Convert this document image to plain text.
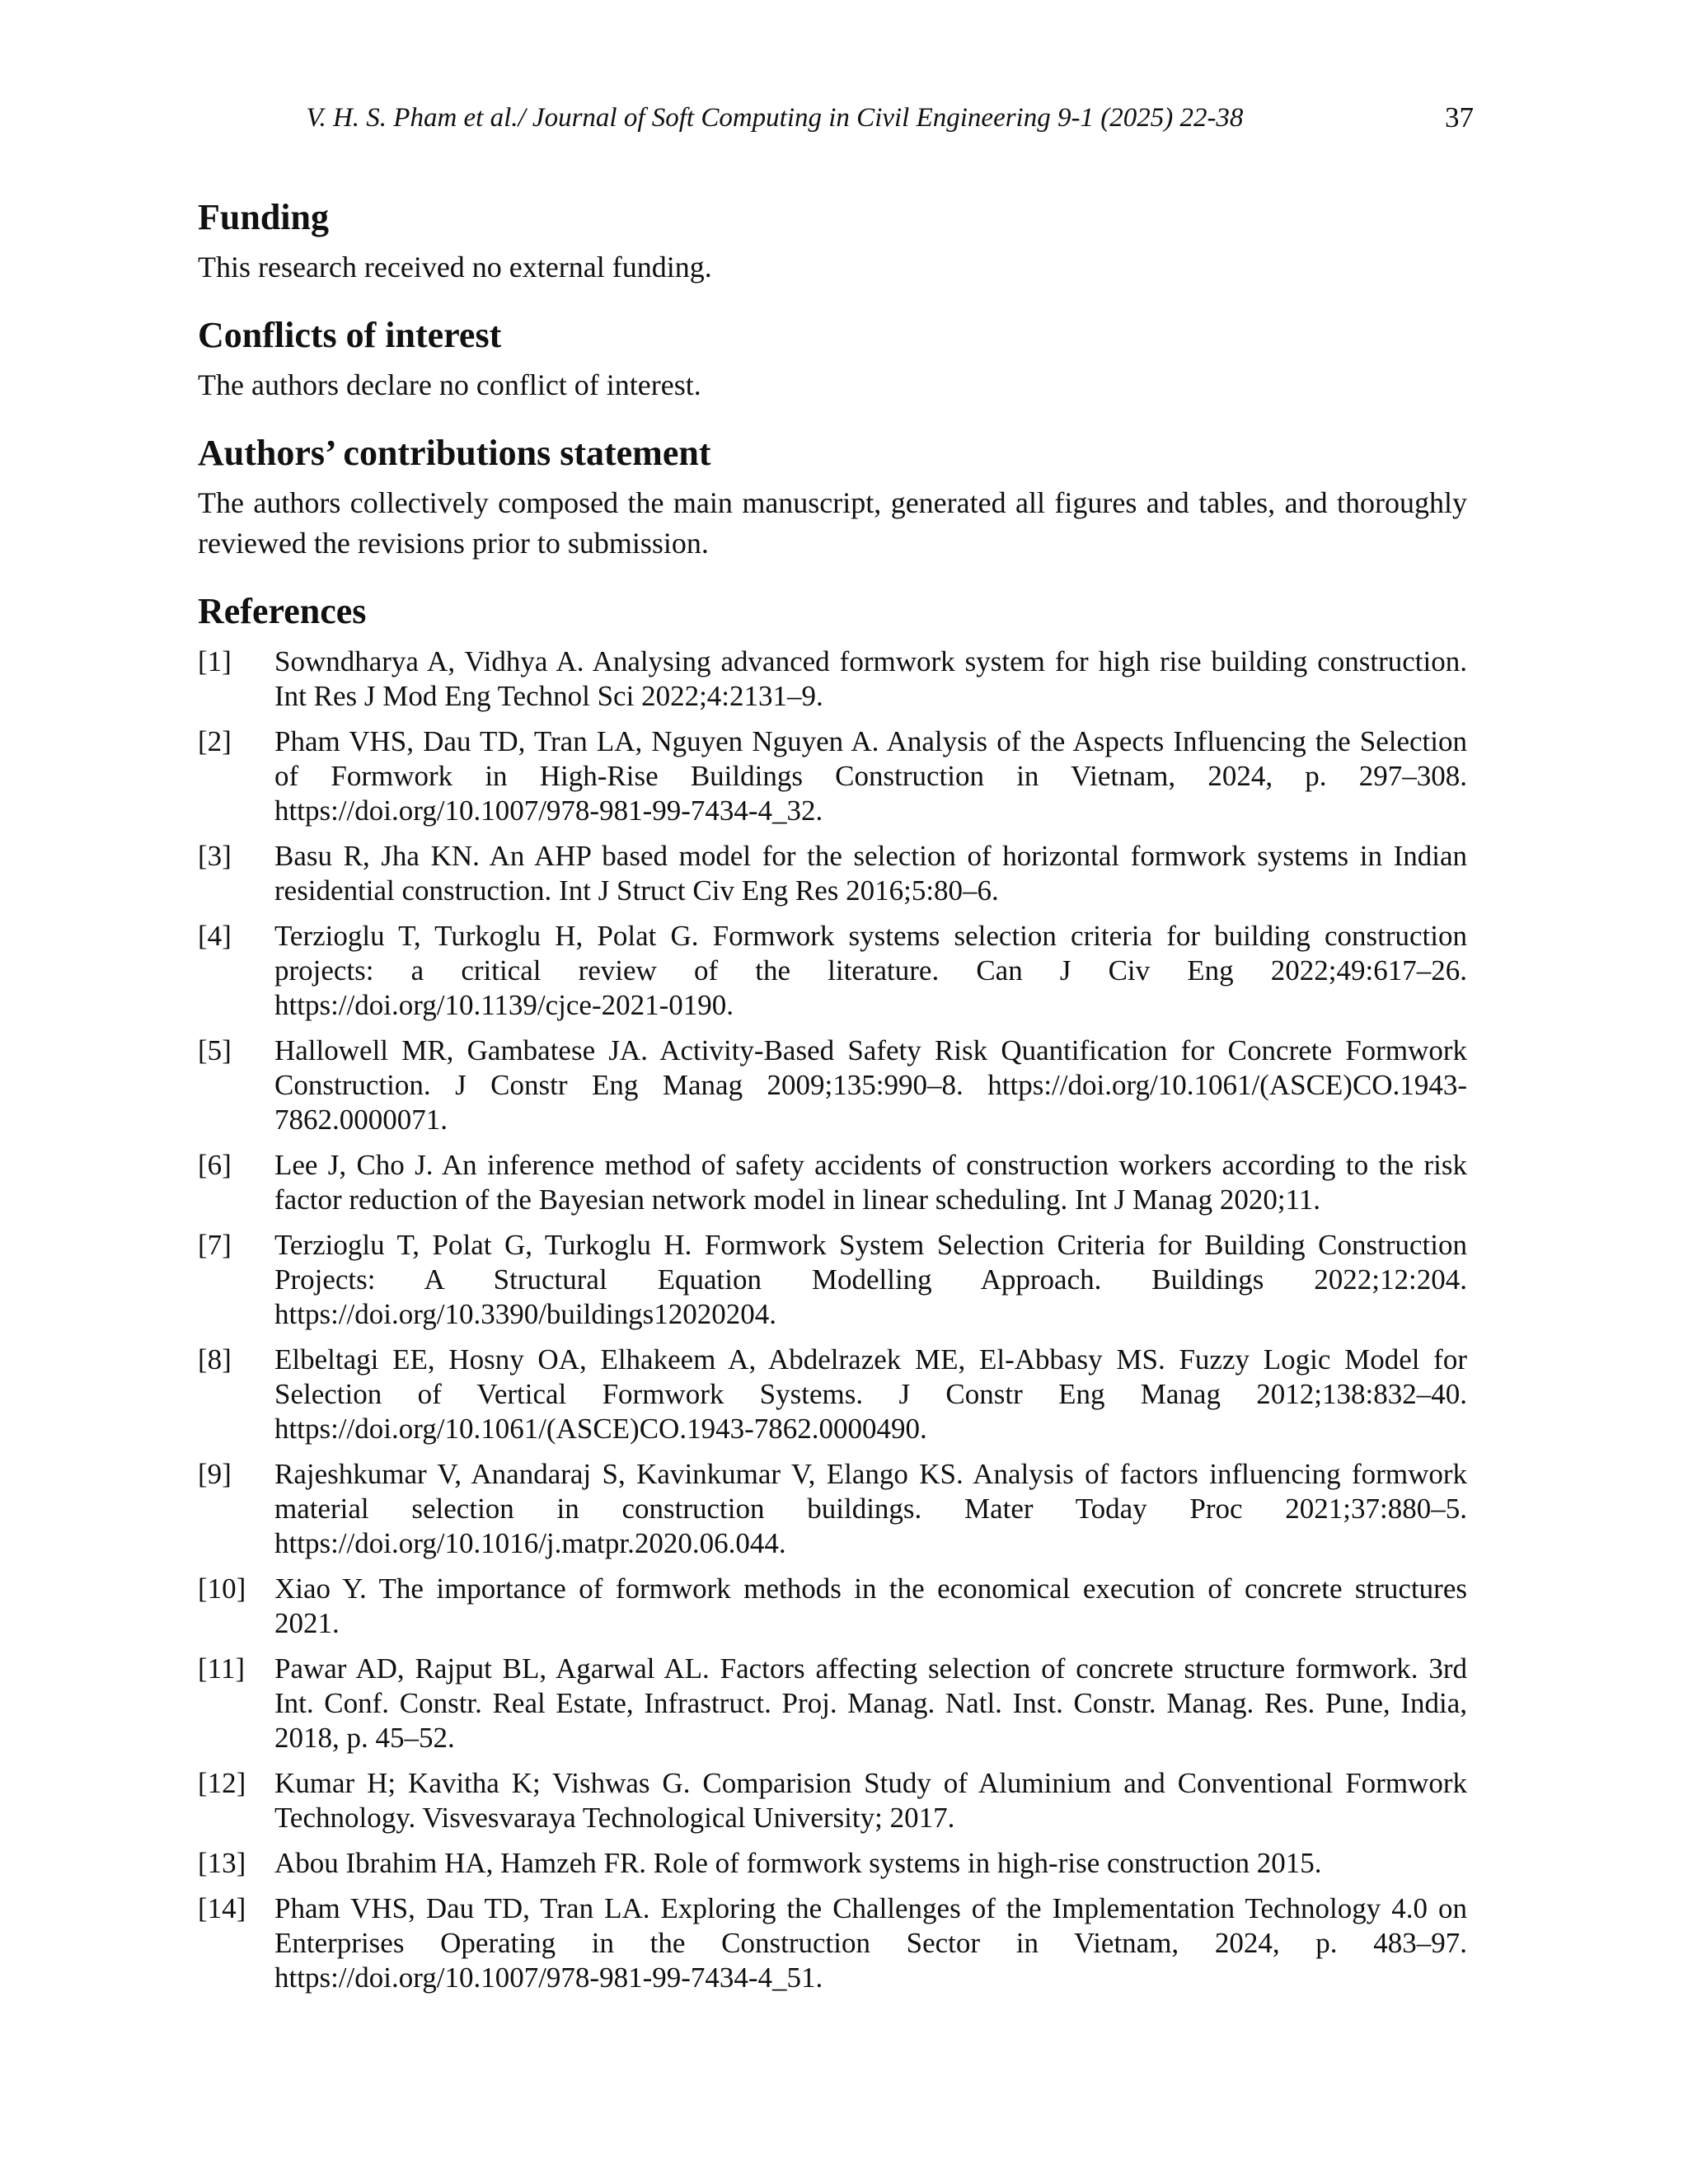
V. H. S. Pham et al./ Journal of Soft Computing in Civil Engineering 9-1 (2025) 22-38	37
Funding

This research received no external funding.

Conflicts of interest

The authors declare no conflict of interest.

Authors’ contributions statement

The authors collectively composed the main manuscript, generated all figures and tables, and thoroughly reviewed the revisions prior to submission.

References
[1]	Sowndharya A, Vidhya A. Analysing advanced formwork system for high rise building construction. Int Res J Mod Eng Technol Sci 2022;4:2131–9.
[2]	Pham VHS, Dau TD, Tran LA, Nguyen Nguyen A. Analysis of the Aspects Influencing the Selection of Formwork in High-Rise Buildings Construction in Vietnam, 2024, p. 297–308. https://doi.org/10.1007/978-981-99-7434-4_32.
[3]	Basu R, Jha KN. An AHP based model for the selection of horizontal formwork systems in Indian residential construction. Int J Struct Civ Eng Res 2016;5:80–6.
[4]	Terzioglu T, Turkoglu H, Polat G. Formwork systems selection criteria for building construction projects: a critical review of the literature. Can J Civ Eng 2022;49:617–26. https://doi.org/10.1139/cjce-2021-0190.
[5]	Hallowell MR, Gambatese JA. Activity-Based Safety Risk Quantification for Concrete Formwork Construction. J Constr Eng Manag 2009;135:990–8. https://doi.org/10.1061/(ASCE)CO.1943-7862.0000071.
[6]	Lee J, Cho J. An inference method of safety accidents of construction workers according to the risk factor reduction of the Bayesian network model in linear scheduling. Int J Manag 2020;11.
[7]	Terzioglu T, Polat G, Turkoglu H. Formwork System Selection Criteria for Building Construction Projects: A Structural Equation Modelling Approach. Buildings 2022;12:204. https://doi.org/10.3390/buildings12020204.
[8]	Elbeltagi EE, Hosny OA, Elhakeem A, Abdelrazek ME, El-Abbasy MS. Fuzzy Logic Model for Selection of Vertical Formwork Systems. J Constr Eng Manag 2012;138:832–40. https://doi.org/10.1061/(ASCE)CO.1943-7862.0000490.
[9]	Rajeshkumar V, Anandaraj S, Kavinkumar V, Elango KS. Analysis of factors influencing formwork material selection in construction buildings. Mater Today Proc 2021;37:880–5. https://doi.org/10.1016/j.matpr.2020.06.044.
[10] Xiao Y. The importance of formwork methods in the economical execution of concrete structures 2021.
[11]	Pawar AD, Rajput BL, Agarwal AL. Factors affecting selection of concrete structure formwork. 3rd Int. Conf. Constr. Real Estate, Infrastruct. Proj. Manag. Natl. Inst. Constr. Manag. Res. Pune, India, 2018, p. 45–52.
[12] Kumar H; Kavitha K; Vishwas G. Comparision Study of Aluminium and Conventional Formwork Technology. Visvesvaraya Technological University; 2017.
[13] Abou Ibrahim HA, Hamzeh FR. Role of formwork systems in high-rise construction 2015.
[14] Pham VHS, Dau TD, Tran LA. Exploring the Challenges of the Implementation Technology 4.0 on Enterprises Operating in the Construction Sector in Vietnam, 2024, p. 483–97. https://doi.org/10.1007/978-981-99-7434-4_51.
